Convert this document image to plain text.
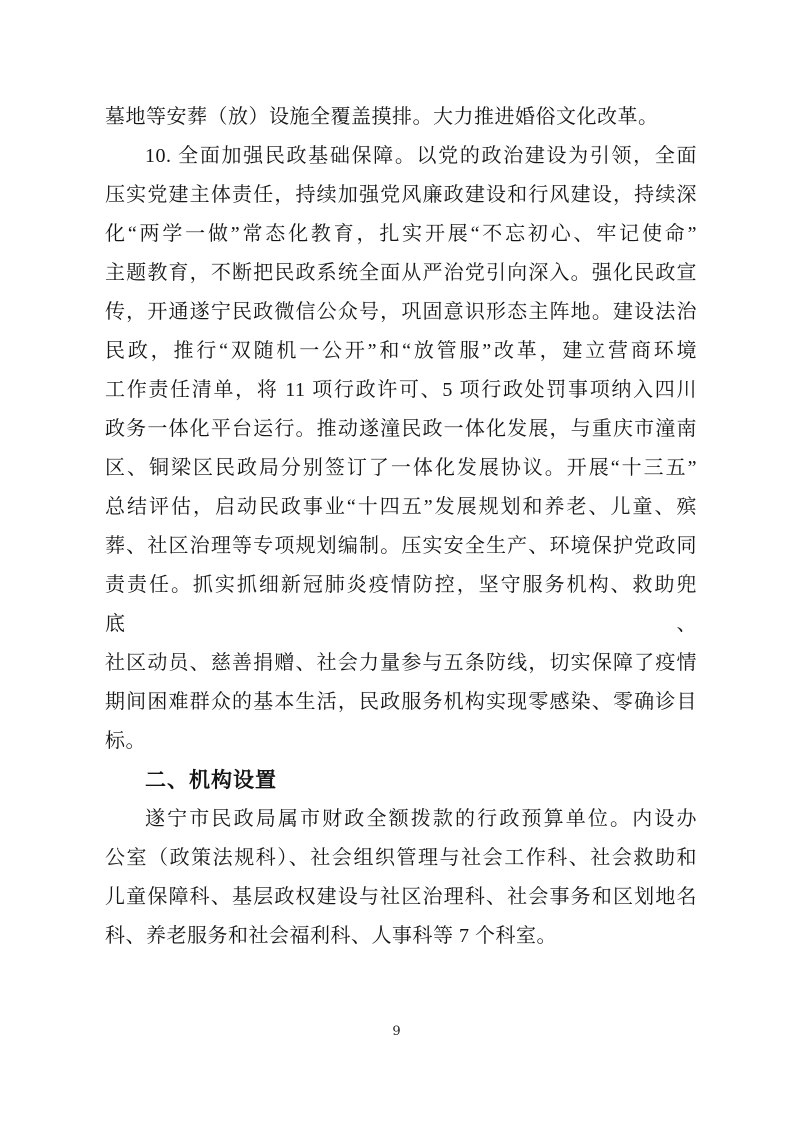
墓地等安葬（放）设施全覆盖摸排。大力推进婚俗文化改革。
10. 全面加强民政基础保障。以党的政治建设为引领，全面
压实党建主体责任，持续加强党风廉政建设和行风建设，持续深
化“两学一做”常态化教育，扎实开展“不忘初心、牢记使命”
主题教育，不断把民政系统全面从严治党引向深入。强化民政宣
传，开通遂宁民政微信公众号，巩固意识形态主阵地。建设法治
民政，推行“双随机一公开”和“放管服”改革，建立营商环境
工作责任清单，将 11 项行政许可、5 项行政处罚事项纳入四川
政务一体化平台运行。推动遂潼民政一体化发展，与重庆市潼南
区、铜梁区民政局分别签订了一体化发展协议。开展“十三五”
总结评估，启动民政事业“十四五”发展规划和养老、儿童、殡
葬、社区治理等专项规划编制。压实安全生产、环境保护党政同
责责任。抓实抓细新冠肺炎疫情防控，坚守服务机构、救助兜底、
社区动员、慈善捐赠、社会力量参与五条防线，切实保障了疫情
期间困难群众的基本生活，民政服务机构实现零感染、零确诊目
标。
二、机构设置
遂宁市民政局属市财政全额拨款的行政预算单位。内设办
公室（政策法规科）、社会组织管理与社会工作科、社会救助和
儿童保障科、基层政权建设与社区治理科、社会事务和区划地名
科、养老服务和社会福利科、人事科等 7 个科室。
9
